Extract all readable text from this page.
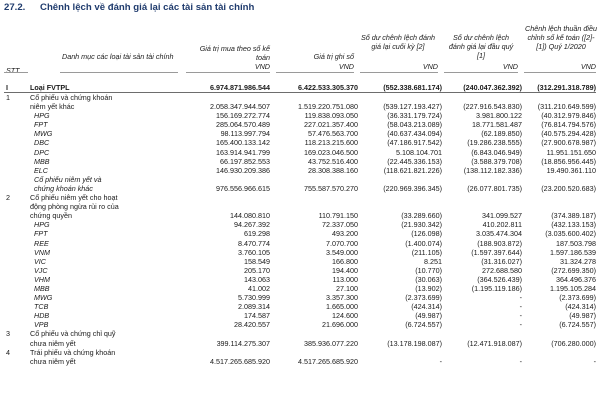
27.2. Chênh lệch về đánh giá lại các tài sản tài chính
STT
Danh mục các loại tài sản tài chính
Giá trị mua theo sổ kế toán
VND
Giá trị ghi sổ
VND
Số dư chênh lệch đánh giá lại cuối kỳ [2]
VND
Số dư chênh lệch đánh giá lại đầu quý [1]
VND
Chênh lệch thuần điều chỉnh sổ kế toán ([2]-[1]) Quý 1/2020
VND
I	Loại FVTPL	6.974.871.986.544	6.422.533.305.370	(552.338.681.174)	(240.047.362.392)	(312.291.318.789)
1	Cổ phiếu và chứng khoán					
	niêm yết khác	2.058.347.944.507	1.519.220.751.080	(539.127.193.427)	(227.916.543.830)	(311.210.649.599)
	HPG	156.169.272.774	119.838.093.050	(36.331.179.724)	3.981.800.122	(40.312.979.846)
	FPT	285.064.570.489	227.021.357.400	(58.043.213.089)	18.771.581.487	(76.814.794.576)
	MWG	98.113.997.794	57.476.563.700	(40.637.434.094)	(62.189.850)	(40.575.294.428)
	DBC	165.400.133.142	118.213.215.600	(47.186.917.542)	(19.286.238.555)	(27.900.678.987)
	DPC	163.914.941.799	169.023.046.500	5.108.104.701	(6.843.046.949)	11.951.151.650
	MBB	66.197.852.553	43.752.516.400	(22.445.336.153)	(3.588.379.708)	(18.856.956.445)
	ELC	146.930.209.386	28.308.388.160	(118.621.821.226)	(138.112.182.336)	19.490.361.110
	Cổ phiếu niêm yết và					
	chứng khoán khác	976.556.966.615	755.587.570.270	(220.969.396.345)	(26.077.801.735)	(23.200.520.683)
2	Cổ phiếu niêm yết cho hoạt					
	động phòng ngừa rủi ro của					
	chứng quyền	144.080.810	110.791.150	(33.289.660)	341.099.527	(374.389.187)
	HPG	94.267.392	72.337.050	(21.930.342)	410.202.811	(432.133.153)
	FPT	619.298	493.200	(126.098)	3.035.474.304	(3.035.600.402)
	REE	8.470.774	7.070.700	(1.400.074)	(188.903.872)	187.503.798
	VNM	3.760.105	3.549.000	(211.105)	(1.597.397.644)	1.597.186.539
	VIC	158.549	166.800	8.251	(31.316.027)	31.324.278
	VJC	205.170	194.400	(10.770)	272.688.580	(272.699.350)
	VHM	143.063	113.000	(30.063)	(364.526.439)	364.496.376
	MBB	41.002	27.100	(13.902)	(1.195.119.186)	1.195.105.284
	MWG	5.730.999	3.357.300	(2.373.699)	-	(2.373.699)
	TCB	2.089.314	1.665.000	(424.314)	-	(424.314)
	HDB	174.587	124.600	(49.987)	-	(49.987)
	VPB	28.420.557	21.696.000	(6.724.557)	-	(6.724.557)
3	Cổ phiếu và chứng chỉ quỹ					
	chưa niêm yết	399.114.275.307	385.936.077.220	(13.178.198.087)	(12.471.918.087)	(706.280.000)
4	Trái phiếu và chứng khoán					
	chưa niêm yết	4.517.265.685.920	4.517.265.685.920	-	-	-
